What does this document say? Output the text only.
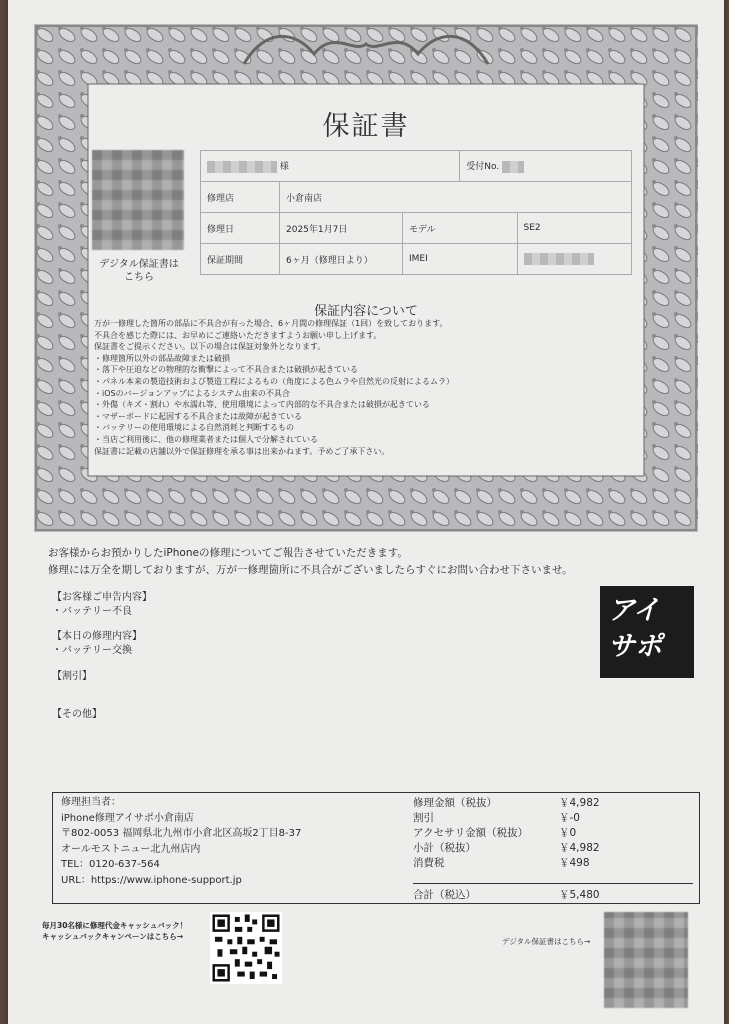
保証書
デジタル保証書は
こちら
様			受付No.	
修理店	小倉南店			
修理日	2025年1月7日	モデル		SE2
保証期間	6ヶ月（修理日より）	IMEI		
保証内容について
万が一修理した箇所の部品に不具合が有った場合、6ヶ月間の修理保証（1回）を致しております。
不具合を感じた際には、お早めにご連絡いただきますようお願い申し上げます。
保証書をご提示ください。以下の場合は保証対象外となります。
・修理箇所以外の部品故障または破損
・落下や圧迫などの物理的な衝撃によって不具合または破損が起きている
・パネル本来の製造技術および製造工程によるもの（角度による色ムラや自然光の反射によるムラ）
・iOSのバージョンアップによるシステム由来の不具合
・外傷（キズ・割れ）や水濡れ等、使用環境によって内部的な不具合または破損が起きている
・マザーボードに起因する不具合または故障が起きている
・バッテリーの使用環境による自然消耗と判断するもの
・当店ご利用後に、他の修理業者または個人で分解されている
保証書に記載の店舗以外で保証修理を承る事は出来かねます。予めご了承下さい。
お客様からお預かりしたiPhoneの修理についてご報告させていただきます。
修理には万全を期しておりますが、万が一修理箇所に不具合がございましたらすぐにお問い合わせ下さいませ。
【お客様ご申告内容】
・バッテリー不良
【本日の修理内容】
・バッテリー交換
【割引】
【その他】
アイ
サポ
修理担当者：
iPhone修理アイサポ小倉南店
〒802-0053 福岡県北九州市小倉北区高坂2丁目8-37
オールモストニュー北九州店内
TEL：0120-637-564
URL：https://www.iphone-support.jp
修理金額（税抜）	￥4,982
割引	￥-0
アクセサリ金額（税抜）	￥0
小計（税抜）	￥4,982
消費税	￥498
合計（税込）	￥5,480
毎月30名様に修理代金キャッシュバック！
キャッシュバックキャンペーンはこちら→
デジタル保証書はこちら→
